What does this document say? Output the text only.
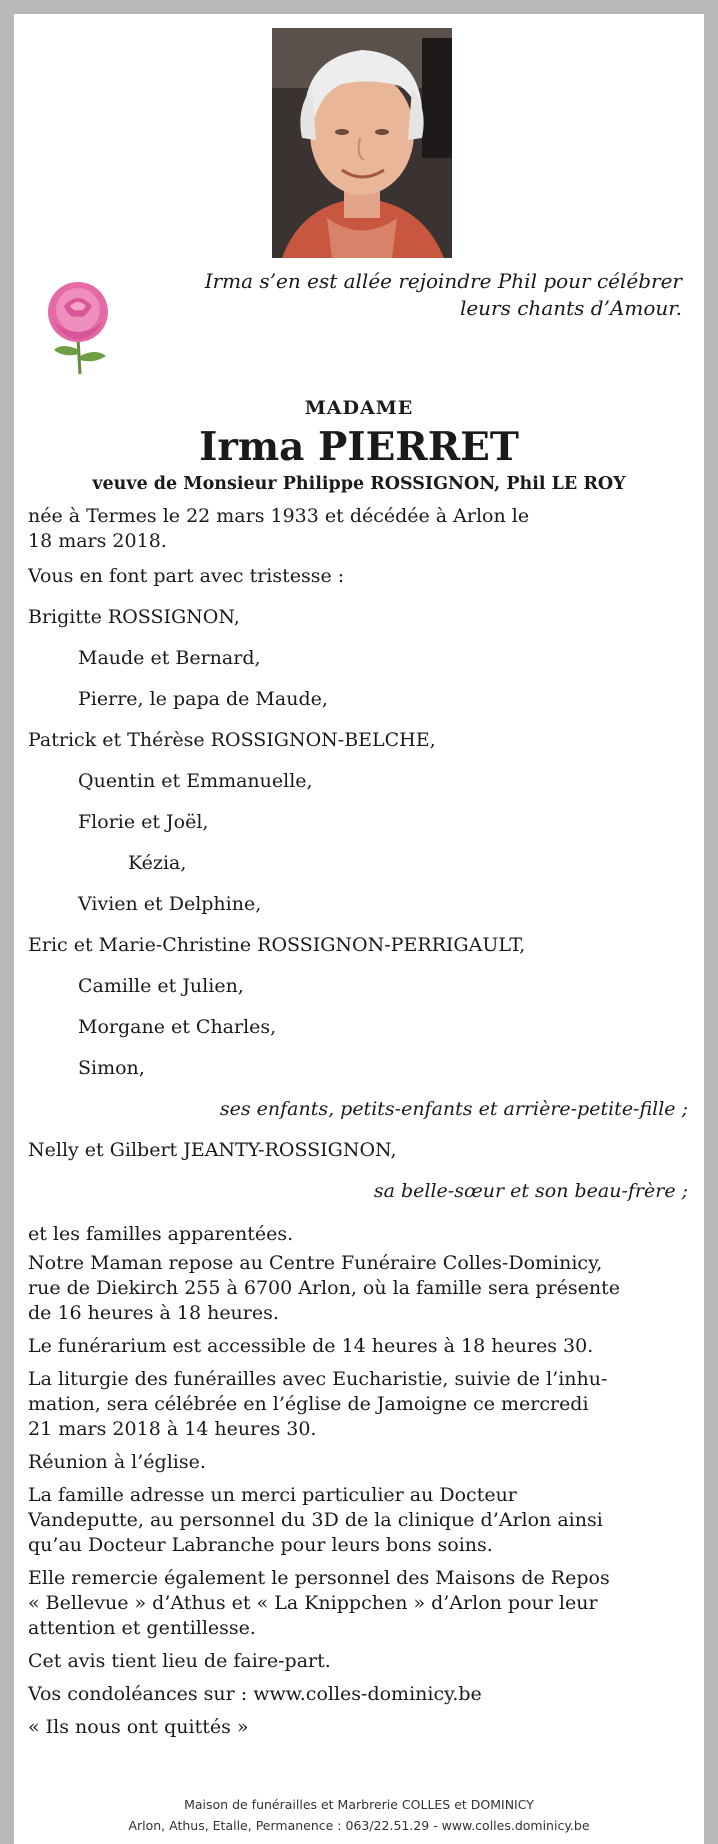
Irma s’en est allée rejoindre Phil pour célébrer
leurs chants d’Amour.
MADAME
Irma PIERRET
veuve de Monsieur Philippe ROSSIGNON, Phil LE ROY
née à Termes le 22 mars 1933 et décédée à Arlon le
18 mars 2018.
Vous en font part avec tristesse :
Brigitte ROSSIGNON,
Maude et Bernard,
Pierre, le papa de Maude,
Patrick et Thérèse ROSSIGNON-BELCHE,
Quentin et Emmanuelle,
Florie et Joël,
Kézia,
Vivien et Delphine,
Eric et Marie-Christine ROSSIGNON-PERRIGAULT,
Camille et Julien,
Morgane et Charles,
Simon,
ses enfants, petits-enfants et arrière-petite-fille ;
Nelly et Gilbert JEANTY-ROSSIGNON,
sa belle-sœur et son beau-frère ;
et les familles apparentées.
Notre Maman repose au Centre Funéraire Colles-Dominicy,
rue de Diekirch 255 à 6700 Arlon, où la famille sera présente
de 16 heures à 18 heures.
Le funérarium est accessible de 14 heures à 18 heures 30.
La liturgie des funérailles avec Eucharistie, suivie de l’inhu-
mation, sera célébrée en l’église de Jamoigne ce mercredi
21 mars 2018 à 14 heures 30.
Réunion à l’église.
La famille adresse un merci particulier au Docteur
Vandeputte, au personnel du 3D de la clinique d’Arlon ainsi
qu’au Docteur Labranche pour leurs bons soins.
Elle remercie également le personnel des Maisons de Repos
« Bellevue » d’Athus et « La Knippchen » d’Arlon pour leur
attention et gentillesse.
Cet avis tient lieu de faire-part.
Vos condoléances sur : www.colles-dominicy.be
« Ils nous ont quittés »
Maison de funérailles et Marbrerie COLLES et DOMINICY
Arlon, Athus, Etalle, Permanence : 063/22.51.29 - www.colles.dominicy.be
